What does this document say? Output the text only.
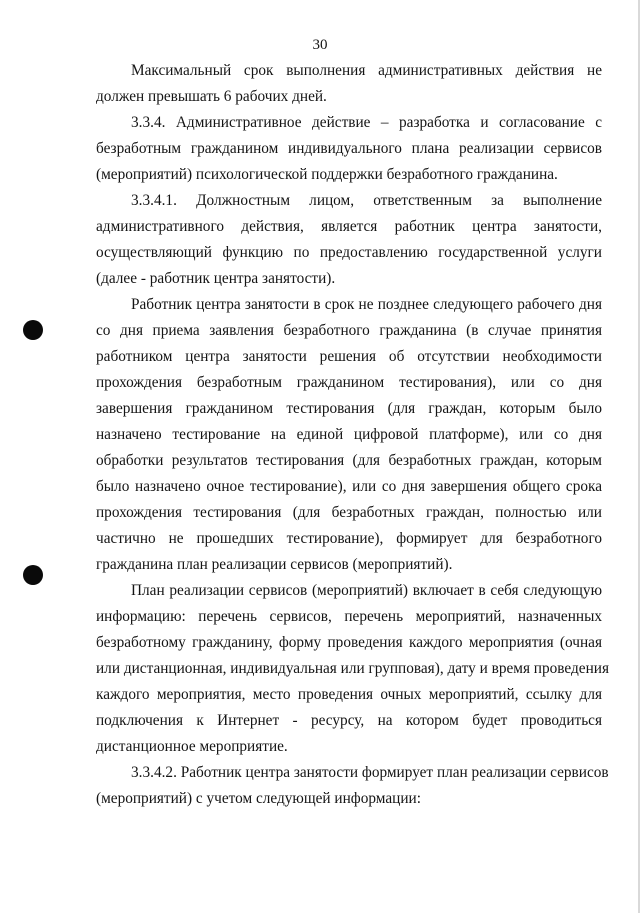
30
Максимальный срок выполнения административных действия не
должен превышать 6 рабочих дней.
3.3.4. Административное действие – разработка и согласование с
безработным гражданином индивидуального плана реализации сервисов
(мероприятий) психологической поддержки безработного гражданина.
3.3.4.1. Должностным лицом, ответственным за выполнение
административного действия, является работник центра занятости,
осуществляющий функцию по предоставлению государственной услуги
(далее - работник центра занятости).
Работник центра занятости в срок не позднее следующего рабочего дня
со дня приема заявления безработного гражданина (в случае принятия
работником центра занятости решения об отсутствии необходимости
прохождения безработным гражданином тестирования), или со дня
завершения гражданином тестирования (для граждан, которым было
назначено тестирование на единой цифровой платформе), или со дня
обработки результатов тестирования (для безработных граждан, которым
было назначено очное тестирование), или со дня завершения общего срока
прохождения тестирования (для безработных граждан, полностью или
частично не прошедших тестирование), формирует для безработного
гражданина план реализации сервисов (мероприятий).
План реализации сервисов (мероприятий) включает в себя следующую
информацию: перечень сервисов, перечень мероприятий, назначенных
безработному гражданину, форму проведения каждого мероприятия (очная
или дистанционная, индивидуальная или групповая), дату и время проведения
каждого мероприятия, место проведения очных мероприятий, ссылку для
подключения к Интернет - ресурсу, на котором будет проводиться
дистанционное мероприятие.
3.3.4.2. Работник центра занятости формирует план реализации сервисов
(мероприятий) с учетом следующей информации:
